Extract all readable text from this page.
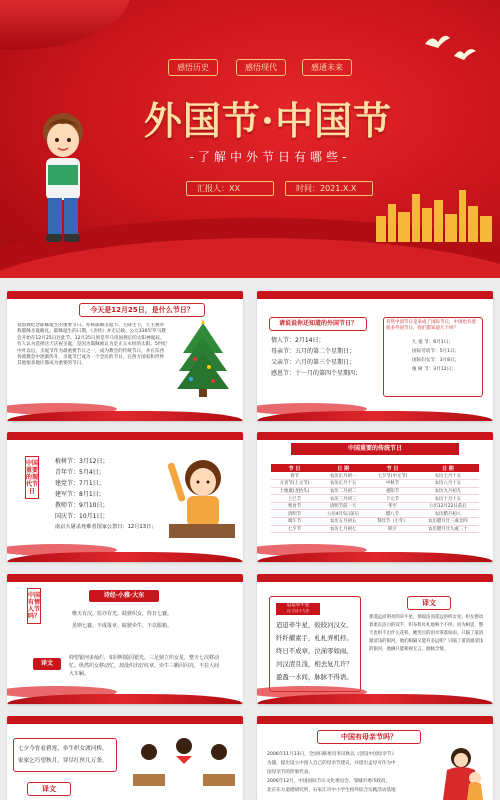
感悟历史	感悟现代	感通未来
外国节·中国节
-了解中外节日有哪些-
汇报人：XX	时间：2021.X.X
今天是12月25日，是什么节日？
基督教纪念耶稣诞生的重要节日。亦称耶稣圣诞节、主降生节，天主教亦称耶稣圣诞瞻礼。耶稣诞生的日期，《圣经》并无记载。公元336年罗马教会开始在12月25日过此节。12月25日原是罗马帝国规定的太阳神诞辰。有人认为选择这天庆祝圣诞，是因为耶稣被认为是正义永恒的太阳。5世纪中叶以后，圣诞节作为最重要节日之一，成为教会的传统节日，并在东西各派教会中逐渐传开。圣诞节已成为一个全民的节日，在西方国家和世界其他很多地区都成为重要的节日。
请说说你还知道的外国节日？
情人节：2月14日；
母亲节：五月的第二个星期日；
父亲节：六月的第三个星期日；
感恩节：十一月的第四个星期四；
有些中国节日是来成了国际节日，中国也有着很多外国节日，你们都知道几个吗？
儿 童 节：6月1日；
国际劳动节：5月1日；
国际妇女节：3月8日；
植 树 节：3月12日；
中国重要的现代节日
植树节：3月12日；
青年节：5月4日；
建党节：7月1日；
建军节：8月1日；
教师节：9月10日；
国庆节：10月1日；
南京大屠杀死难者国家公祭日：12月13日；
中国重要的传统节日
节 日	日 期	节 日	日 期
春节	农历正月初一	七夕节(中元节)	农历七月十五
元宵节(上元节)	农历正月十五	中秋节	农历八月十五
土地诞(龙抬头)	农历二月初二	重阳节	农历九月初九
上巳节	农历三月初三	下元节	农历十月十五
寒食节	清明节前一天	冬至	公历12月22日前后
清明节	公历4月5日前后	腊八节	农历腊月初八
端午节	农历五月初五	祭灶节（小年）	农历腊月廿三或廿四
七夕节	农历七月初七	除夕	农历腊月廿九或三十
中国有情人节吗？
诗经·小雅·大东
维天有汉，监亦有光。跂彼织女，终日七襄。
虽则七襄，不成报章。睆彼牵牛，不以服箱。
译文
仰望银河多灿烂，如同明镜闪银光。三足鼎立织女星，整天七次移动忙。纵然织女移动忙，却没织出好纹章。牵牛三颗闪闪亮，不拉人间大车厢。
迢迢牵牛星
汉·古诗十九首
迢迢牵牛星，皎皎河汉女。
纤纤擢素手，札札弄机杼。
终日不成章，泣涕零如雨。
河汉清且浅，相去复几许？
盈盈一水间，脉脉不得语。
译文
那遥远而明亮的牵牛星，那皎洁而遥远的织女星。织女摆动着柔长洁白的双手，织布机札札地响个不停。因为相思，整天也织不出什么花样，她哭泣的泪水零落如雨。只隔了道清澈清浅的银河，他们相隔又能有多远呢？只隔了道清澈清浅的银河，他俩只能相视无言，脉脉含情。
七夕今宵看碧霄，牵牛织女渡河桥。
家家乞巧望秋月，穿尽红丝几万条。
译文
中国有母亲节吗？
2006年11月13日，全国妇联委员李汉秋以《创设中国母亲节》
为题，提出设立中国人自己的母亲节建议，并提出孟母可作为中
国母亲节的形象代表。
2006年12月，中国国际节庆文化委员会、邹城市委市政府、
北京东方道德研究所、石家庄市中小学生校外综合实践活动基地
